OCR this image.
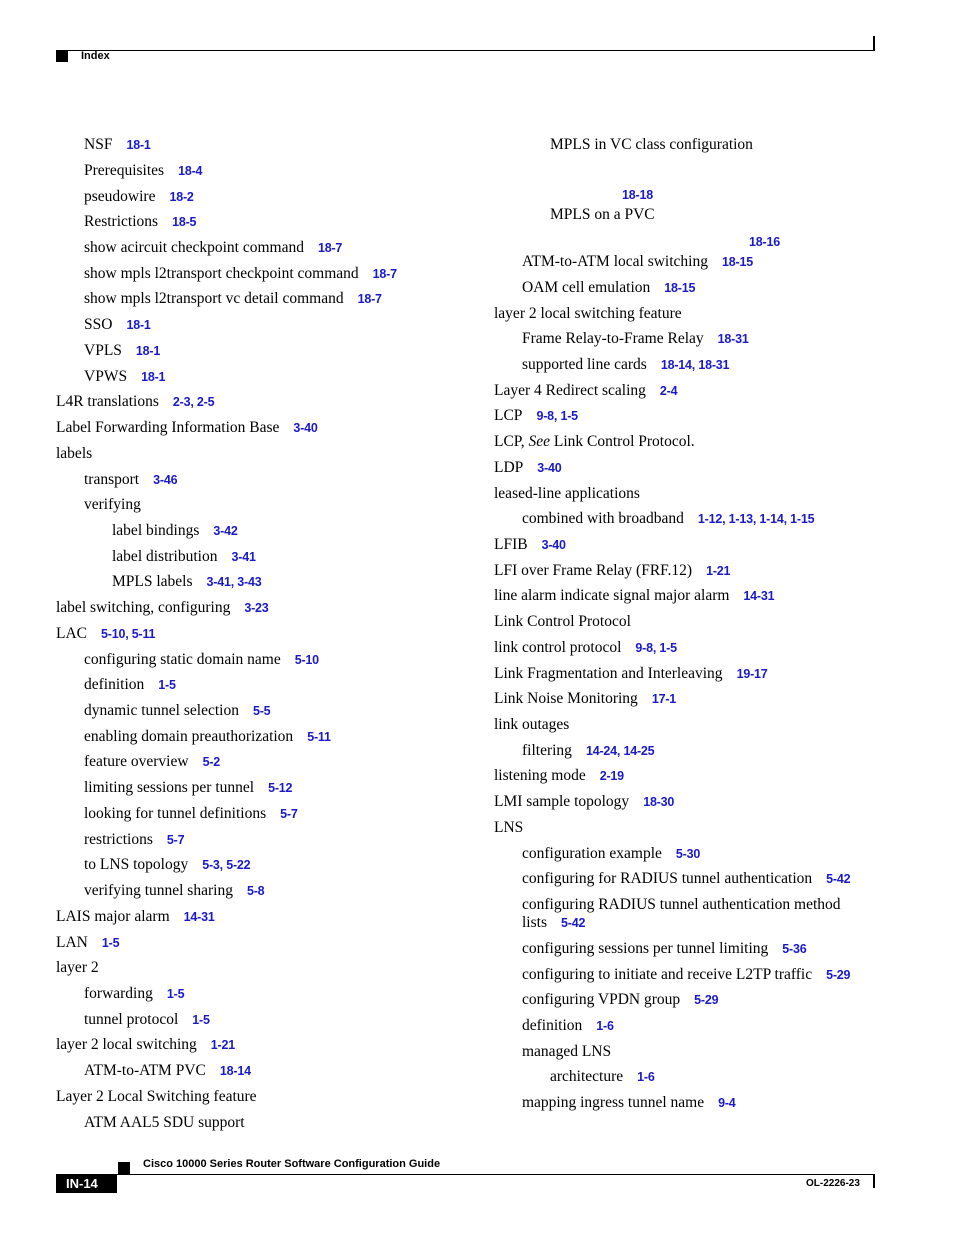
Index
NSF 18-1
Prerequisites 18-4
pseudowire 18-2
Restrictions 18-5
show acircuit checkpoint command 18-7
show mpls l2transport checkpoint command 18-7
show mpls l2transport vc detail command 18-7
SSO 18-1
VPLS 18-1
VPWS 18-1
L4R translations 2-3, 2-5
Label Forwarding Information Base 3-40
labels
transport 3-46
verifying
label bindings 3-42
label distribution 3-41
MPLS labels 3-41, 3-43
label switching, configuring 3-23
LAC 5-10, 5-11
configuring static domain name 5-10
definition 1-5
dynamic tunnel selection 5-5
enabling domain preauthorization 5-11
feature overview 5-2
limiting sessions per tunnel 5-12
looking for tunnel definitions 5-7
restrictions 5-7
to LNS topology 5-3, 5-22
verifying tunnel sharing 5-8
LAIS major alarm 14-31
LAN 1-5
layer 2
forwarding 1-5
tunnel protocol 1-5
layer 2 local switching 1-21
ATM-to-ATM PVC 18-14
Layer 2 Local Switching feature
ATM AAL5 SDU support
MPLS in VC class configuration
18-18
MPLS on a PVC
18-16
ATM-to-ATM local switching 18-15
OAM cell emulation 18-15
layer 2 local switching feature
Frame Relay-to-Frame Relay 18-31
supported line cards 18-14, 18-31
Layer 4 Redirect scaling 2-4
LCP 9-8, 1-5
LCP, See Link Control Protocol.
LDP 3-40
leased-line applications
combined with broadband 1-12, 1-13, 1-14, 1-15
LFIB 3-40
LFI over Frame Relay (FRF.12) 1-21
line alarm indicate signal major alarm 14-31
Link Control Protocol
link control protocol 9-8, 1-5
Link Fragmentation and Interleaving 19-17
Link Noise Monitoring 17-1
link outages
filtering 14-24, 14-25
listening mode 2-19
LMI sample topology 18-30
LNS
configuration example 5-30
configuring for RADIUS tunnel authentication 5-42
configuring RADIUS tunnel authentication method lists 5-42
configuring sessions per tunnel limiting 5-36
configuring to initiate and receive L2TP traffic 5-29
configuring VPDN group 5-29
definition 1-6
managed LNS
architecture 1-6
mapping ingress tunnel name 9-4
Cisco 10000 Series Router Software Configuration Guide
IN-14	OL-2226-23
